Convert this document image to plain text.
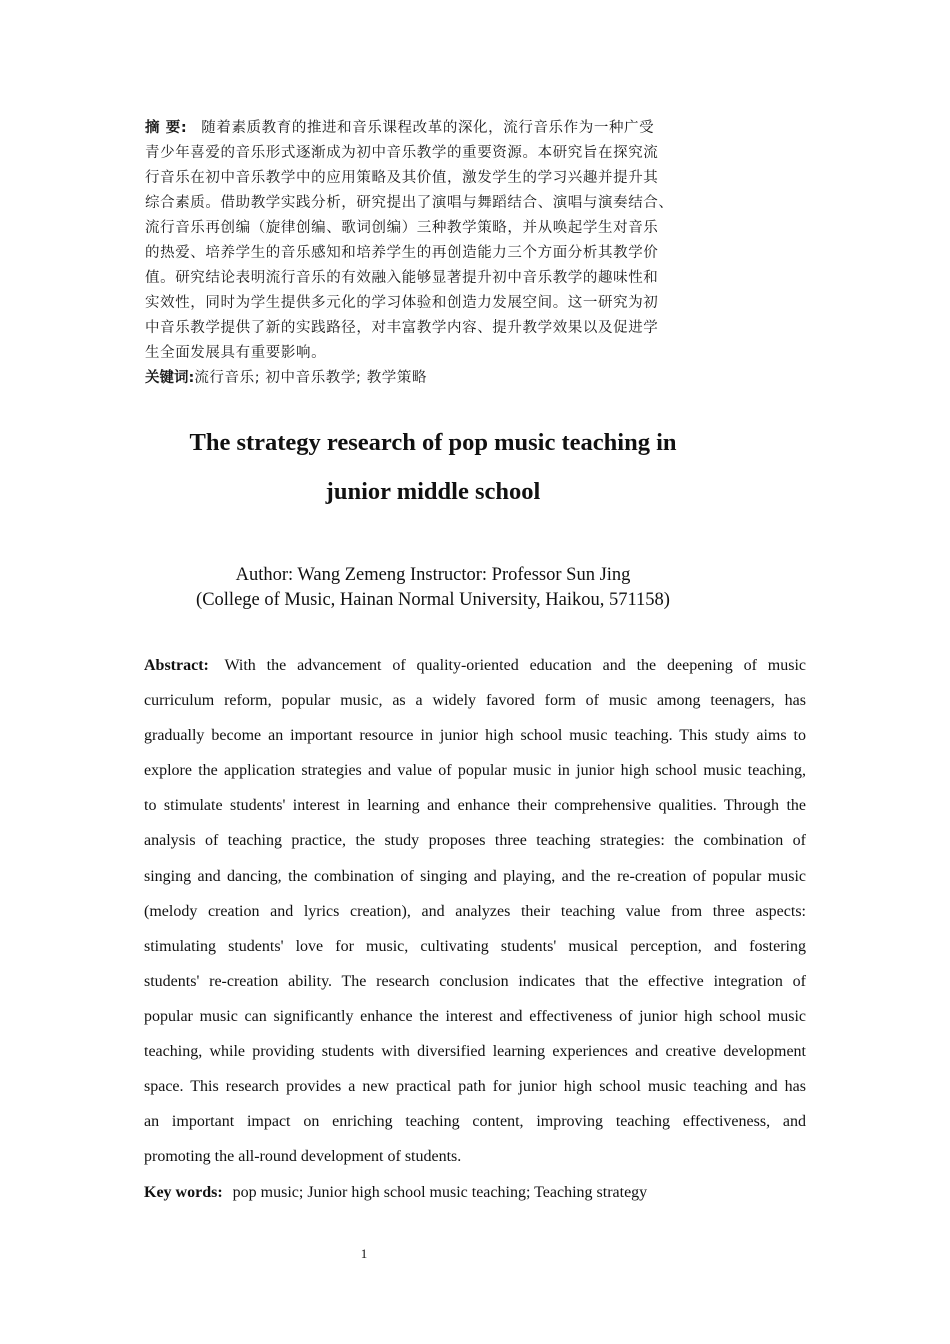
摘 要: 随着素质教育的推进和音乐课程改革的深化，流行音乐作为一种广受
青少年喜爱的音乐形式逐渐成为初中音乐教学的重要资源。本研究旨在探究流
行音乐在初中音乐教学中的应用策略及其价值，激发学生的学习兴趣并提升其
综合素质。借助教学实践分析，研究提出了演唱与舞蹈结合、演唱与演奏结合、
流行音乐再创编（旋律创编、歌词创编）三种教学策略，并从唤起学生对音乐
的热爱、培养学生的音乐感知和培养学生的再创造能力三个方面分析其教学价
值。研究结论表明流行音乐的有效融入能够显著提升初中音乐教学的趣味性和
实效性，同时为学生提供多元化的学习体验和创造力发展空间。这一研究为初
中音乐教学提供了新的实践路径，对丰富教学内容、提升教学效果以及促进学
生全面发展具有重要影响。
关键词:流行音乐; 初中音乐教学; 教学策略
The strategy research of pop music teaching in
junior middle school
Author: Wang Zemeng Instructor: Professor Sun Jing
(College of Music, Hainan Normal University, Haikou, 571158)
Abstract: With the advancement of quality-oriented education and the deepening of music
curriculum reform, popular music, as a widely favored form of music among teenagers, has
gradually become an important resource in junior high school music teaching. This study aims to
explore the application strategies and value of popular music in junior high school music teaching,
to stimulate students' interest in learning and enhance their comprehensive qualities. Through the
analysis of teaching practice, the study proposes three teaching strategies: the combination of
singing and dancing, the combination of singing and playing, and the re-creation of popular music
(melody creation and lyrics creation), and analyzes their teaching value from three aspects:
stimulating students' love for music, cultivating students' musical perception, and fostering
students' re-creation ability. The research conclusion indicates that the effective integration of
popular music can significantly enhance the interest and effectiveness of junior high school music
teaching, while providing students with diversified learning experiences and creative development
space. This research provides a new practical path for junior high school music teaching and has
an important impact on enriching teaching content, improving teaching effectiveness, and
promoting the all-round development of students.
Key words: pop music; Junior high school music teaching; Teaching strategy
1
